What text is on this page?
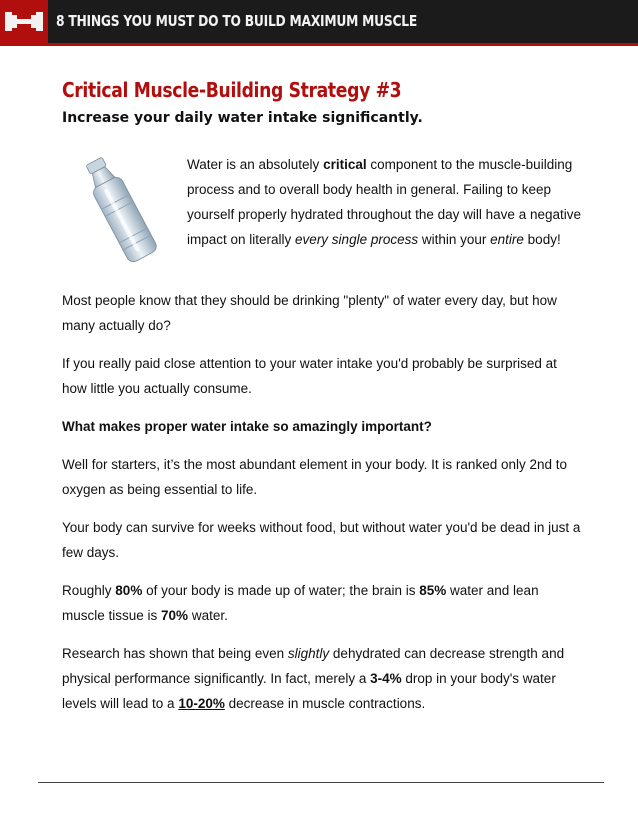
8 THINGS YOU MUST DO TO BUILD MAXIMUM MUSCLE
Critical Muscle-Building Strategy #3
Increase your daily water intake significantly.

Water is an absolutely critical component to the muscle-building process and to overall body health in general. Failing to keep yourself properly hydrated throughout the day will have a negative impact on literally every single process within your entire body!

Most people know that they should be drinking "plenty" of water every day, but how many actually do?

If you really paid close attention to your water intake you'd probably be surprised at how little you actually consume.

What makes proper water intake so amazingly important?

Well for starters, it’s the most abundant element in your body. It is ranked only 2nd to oxygen as being essential to life.

Your body can survive for weeks without food, but without water you'd be dead in just a few days.

Roughly 80% of your body is made up of water; the brain is 85% water and lean muscle tissue is 70% water.

Research has shown that being even slightly dehydrated can decrease strength and physical performance significantly. In fact, merely a 3-4% drop in your body's water levels will lead to a 10-20% decrease in muscle contractions.
